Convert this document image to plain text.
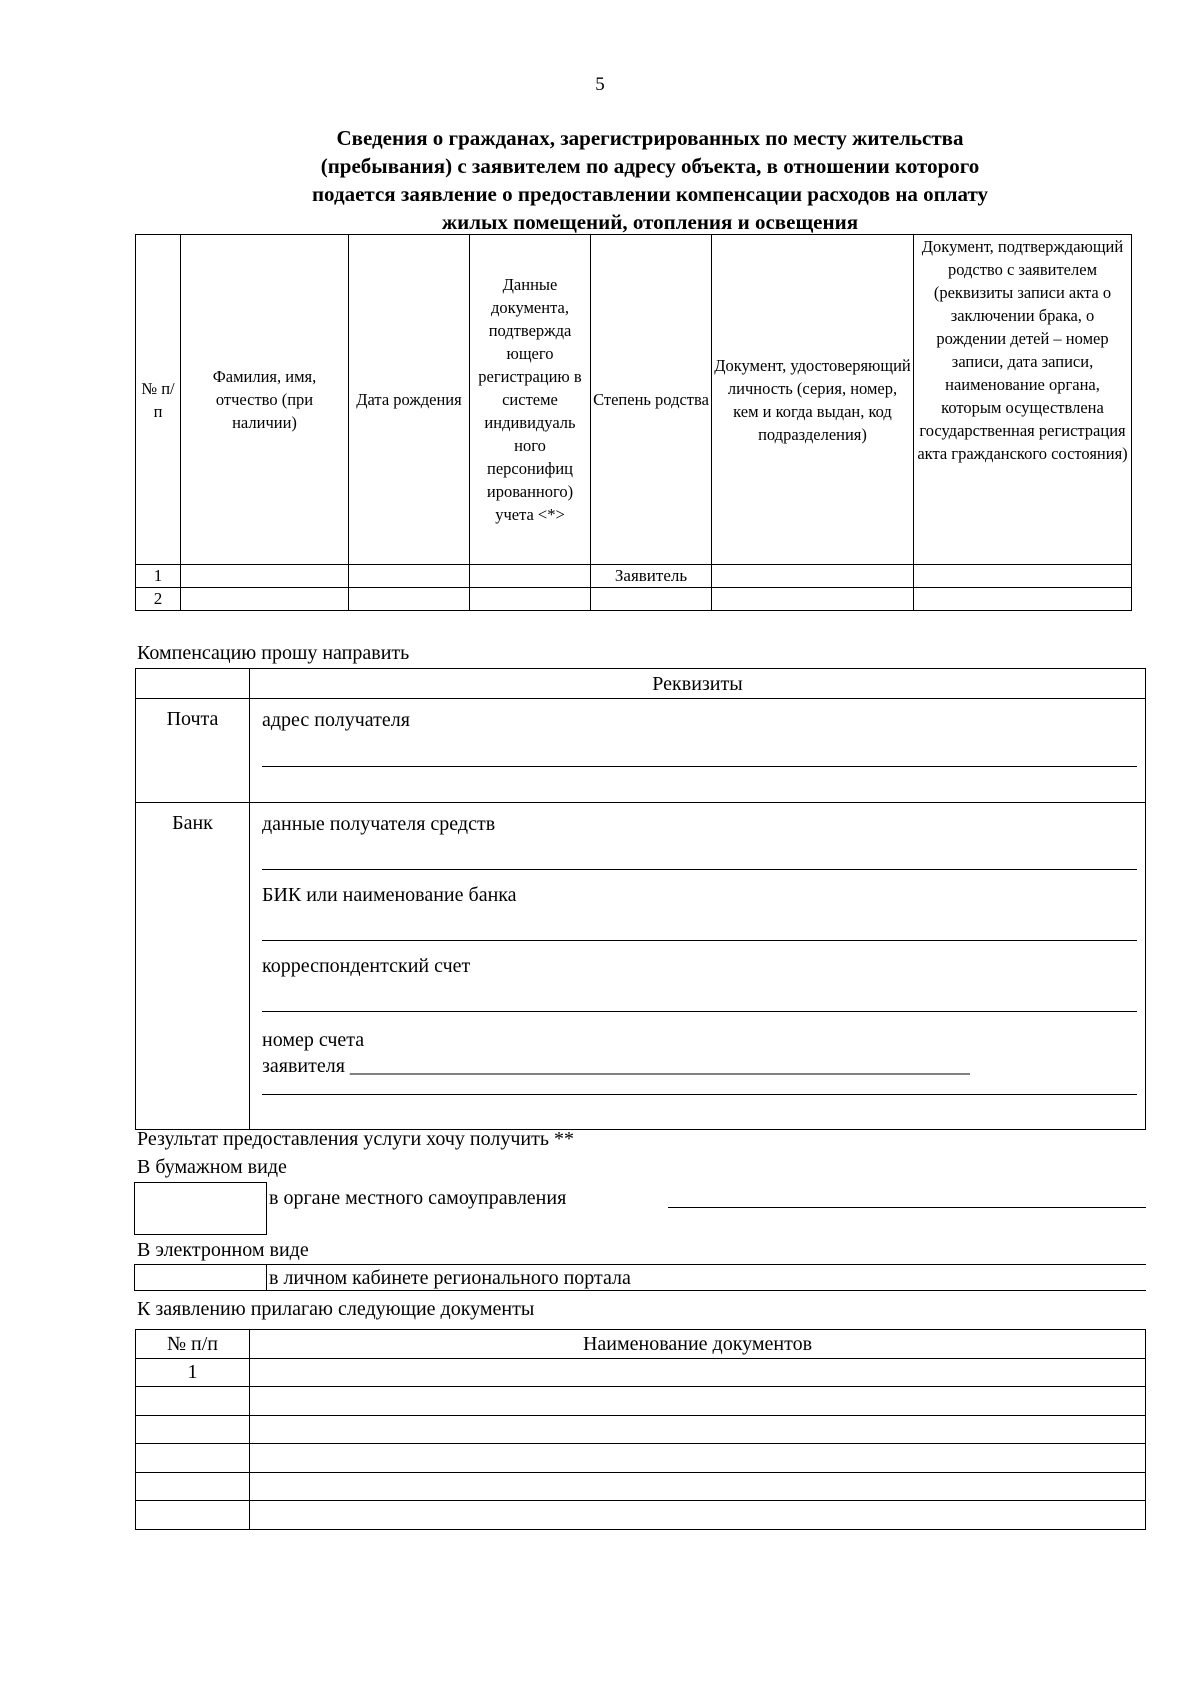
5
Сведения о гражданах, зарегистрированных по месту жительства
(пребывания) с заявителем по адресу объекта, в отношении которого
подается заявление о предоставлении компенсации расходов на оплату
жилых помещений, отопления и освещения
№ п/п	Фамилия, имя, отчество (при наличии)	Дата рождения	Данные документа, подтвержда ющего регистрацию в системе индивидуаль ного персонифиц ированного) учета <*>	Степень родства	Документ, удостоверяющий личность (серия, номер, кем и когда выдан, код подразделения)	Документ, подтверждающий родство с заявителем (реквизиты записи акта о заключении брака, о рождении детей – номер записи, дата записи, наименование органа, которым осуществлена государственная регистрация акта гражданского состояния)
1				Заявитель		
2						
Компенсацию прошу направить
	Реквизиты
Почта	адрес получателя

Банк	данные получателя средств
БИК или наименование банка
корреспондентский счет
номер счета
заявителя ______________________________________________________________
Результат предоставления услуги хочу получить **
В бумажном виде
в органе местного самоуправления
В электронном виде
в личном кабинете регионального портала
К заявлению прилагаю следующие документы
№ п/п	Наименование документов
1	
